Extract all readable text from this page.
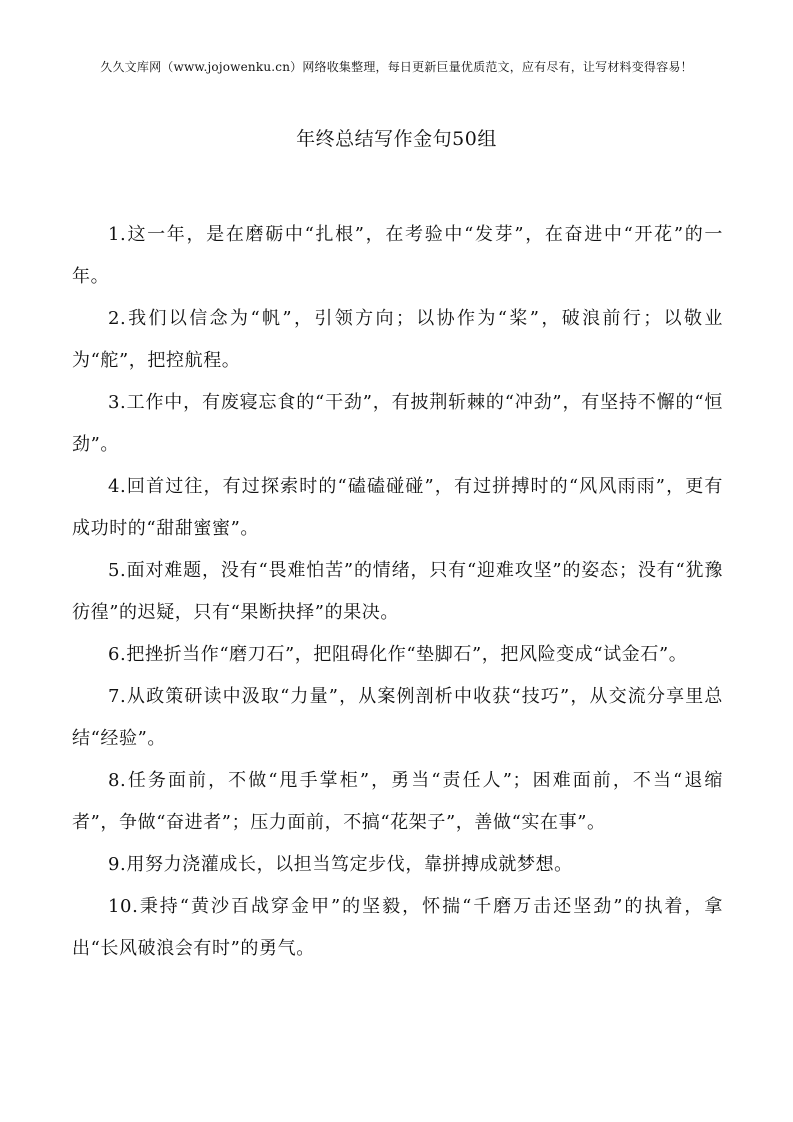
久久文库网（www.jojowenku.cn）网络收集整理，每日更新巨量优质范文，应有尽有，让写材料变得容易！
年终总结写作金句50组

1.这一年，是在磨砺中“扎根”，在考验中“发芽”，在奋进中“开花”的一年。

2.我们以信念为“帆”，引领方向；以协作为“桨”，破浪前行；以敬业为“舵”，把控航程。

3.工作中，有废寝忘食的“干劲”，有披荆斩棘的“冲劲”，有坚持不懈的“恒劲”。

4.回首过往，有过探索时的“磕磕碰碰”，有过拼搏时的“风风雨雨”，更有成功时的“甜甜蜜蜜”。

5.面对难题，没有“畏难怕苦”的情绪，只有“迎难攻坚”的姿态；没有“犹豫彷徨”的迟疑，只有“果断抉择”的果决。

6.把挫折当作“磨刀石”，把阻碍化作“垫脚石”，把风险变成“试金石”。

7.从政策研读中汲取“力量”，从案例剖析中收获“技巧”，从交流分享里总结“经验”。

8.任务面前，不做“甩手掌柜”，勇当“责任人”；困难面前，不当“退缩者”，争做“奋进者”；压力面前，不搞“花架子”，善做“实在事”。

9.用努力浇灌成长，以担当笃定步伐，靠拼搏成就梦想。

10.秉持“黄沙百战穿金甲”的坚毅，怀揣“千磨万击还坚劲”的执着，拿出“长风破浪会有时”的勇气。
